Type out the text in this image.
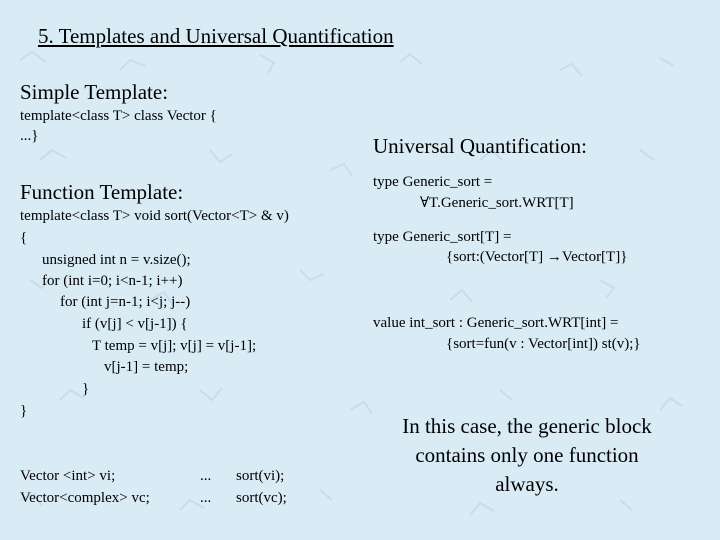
5. Templates and Universal Quantification
Simple Template:
template<class T> class Vector {
...}
Function Template:
template<class T> void sort(Vector<T> & v)
{
unsigned int n = v.size();
for (int i=0; i<n-1; i++)
for (int j=n-1; i<j; j--)
if (v[j] < v[j-1]) {
T temp = v[j]; v[j] = v[j-1];
v[j-1] = temp;
}
}
Vector <int> vi;
Vector<complex> vc;
...
...
sort(vi);
sort(vc);
Universal Quantification:
type Generic_sort =
∀T.Generic_sort.WRT[T]
type Generic_sort[T] =
{sort:(Vector[T] →Vector[T]}
value int_sort : Generic_sort.WRT[int] =
{sort=fun(v : Vector[int]) st(v);}
In this case, the generic block
contains only one function
always.
